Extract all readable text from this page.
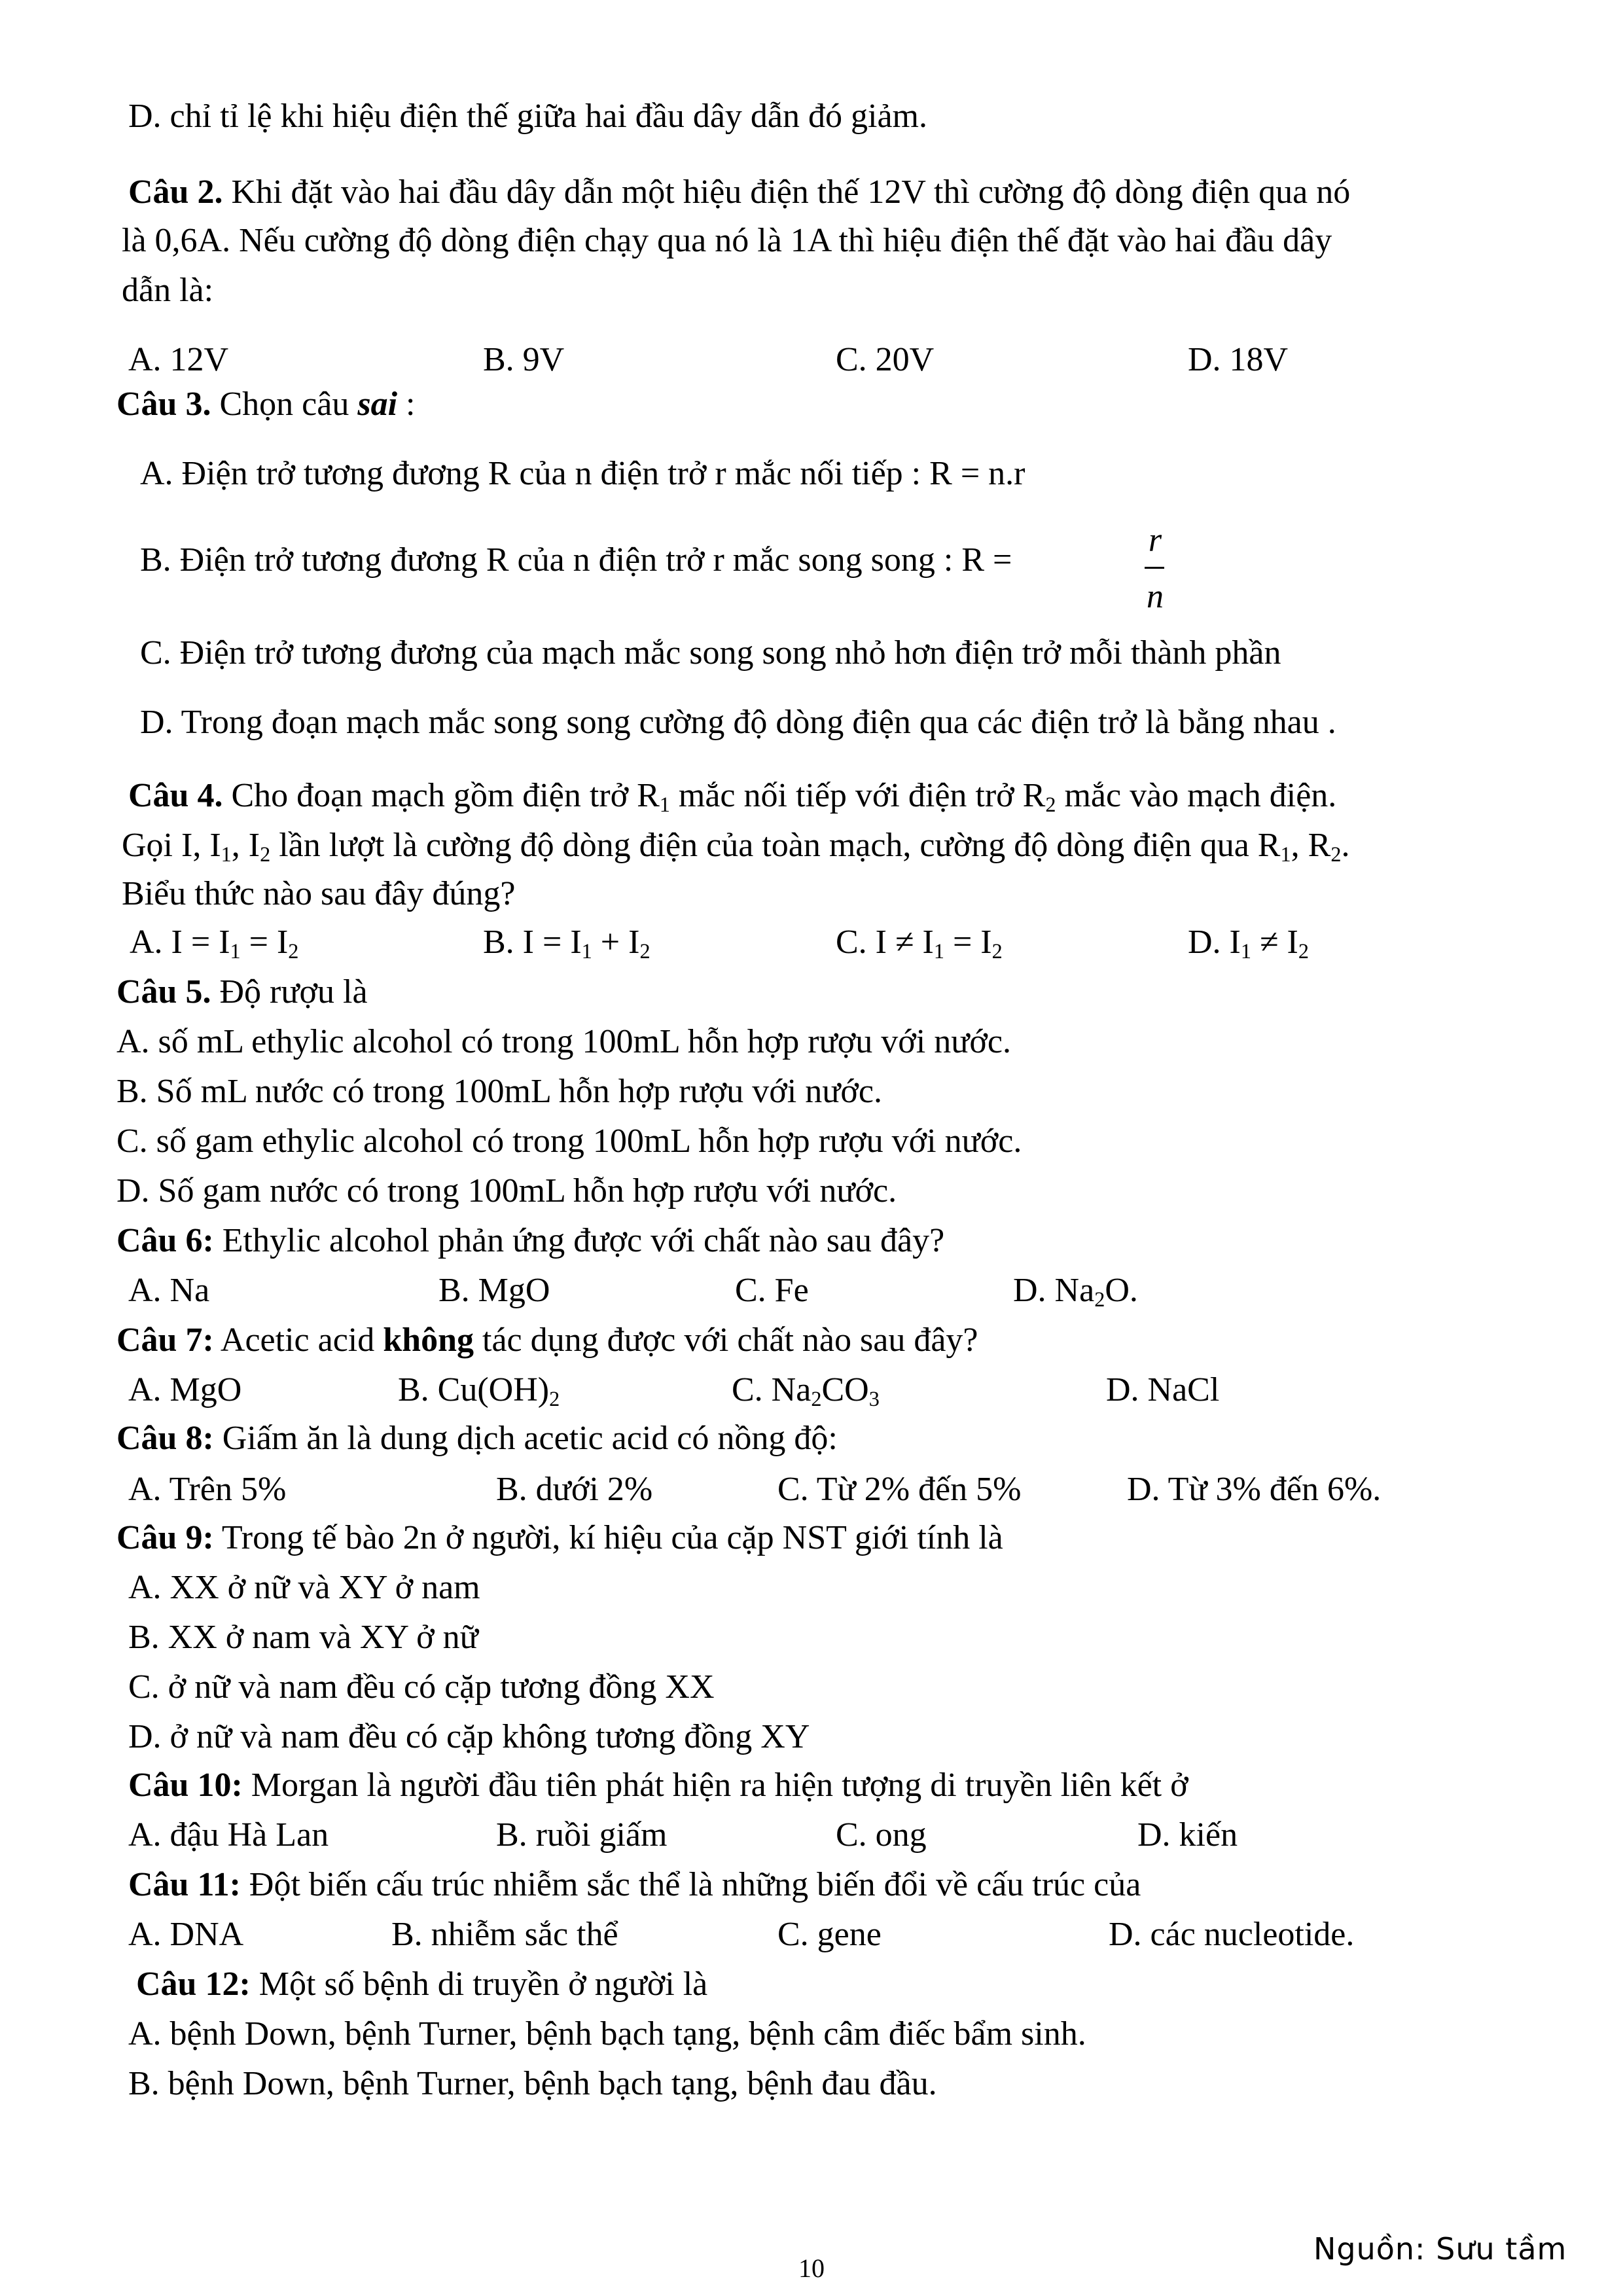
D. chỉ tỉ lệ khi hiệu điện thế giữa hai đầu dây dẫn đó giảm.
Câu 2. Khi đặt vào hai đầu dây dẫn một hiệu điện thế 12V thì cường độ dòng điện qua nó
là 0,6A. Nếu cường độ dòng điện chạy qua nó là 1A thì hiệu điện thế đặt vào hai đầu dây
dẫn là:
A. 12V	B. 9V	C. 20V	D. 18V
Câu 3. Chọn câu sai :
A. Điện trở tương đương R của n điện trở r mắc nối tiếp : R = n.r
B. Điện trở tương đương R của n điện trở r mắc song song : R =
r
n
C. Điện trở tương đương của mạch mắc song song nhỏ hơn điện trở mỗi thành phần
D. Trong đoạn mạch mắc song song cường độ dòng điện qua các điện trở là bằng nhau .
Câu 4. Cho đoạn mạch gồm điện trở $R_1$ mắc nối tiếp với điện trở $R_2$ mắc vào mạch điện.
Gọi I, $I_1$, $I_2$ lần lượt là cường độ dòng điện của toàn mạch, cường độ dòng điện qua $R_1$, $R_2$.
Biểu thức nào sau đây đúng?
A. $I = I_1 = I_2$	B. $I = I_1 + I_2$	C. $I \ne I_1 = I_2$	D. $I_1 \ne I_2$
Câu 5. Độ rượu là
A. số mL ethylic alcohol có trong 100mL hỗn hợp rượu với nước.
B. Số mL nước có trong 100mL hỗn hợp rượu với nước.
C. số gam ethylic alcohol có trong 100mL hỗn hợp rượu với nước.
D. Số gam nước có trong 100mL hỗn hợp rượu với nước.
Câu 6: Ethylic alcohol phản ứng được với chất nào sau đây?
A. Na	B. MgO	C. Fe	D. $Na_2O$.
Câu 7: Acetic acid không tác dụng được với chất nào sau đây?
A. MgO	B. $Cu(OH)_2$	C. $Na_2CO_3$	D. NaCl
Câu 8: Giấm ăn là dung dịch acetic acid có nồng độ:
A. Trên 5%	B. dưới 2%	C. Từ 2% đến 5%	D. Từ 3% đến 6%.
Câu 9: Trong tế bào 2n ở người, kí hiệu của cặp NST giới tính là
A. XX ở nữ và XY ở nam
B. XX ở nam và XY ở nữ
C. ở nữ và nam đều có cặp tương đồng XX
D. ở nữ và nam đều có cặp không tương đồng XY
Câu 10: Morgan là người đầu tiên phát hiện ra hiện tượng di truyền liên kết ở
A. đậu Hà Lan	B. ruồi giấm	C. ong	D. kiến
Câu 11: Đột biến cấu trúc nhiễm sắc thể là những biến đổi về cấu trúc của
A. DNA	B. nhiễm sắc thể	C. gene	D. các nucleotide.
Câu 12: Một số bệnh di truyền ở người là
A. bệnh Down, bệnh Turner, bệnh bạch tạng, bệnh câm điếc bẩm sinh.
B. bệnh Down, bệnh Turner, bệnh bạch tạng, bệnh đau đầu.
Nguồn: Sưu tầm
10
